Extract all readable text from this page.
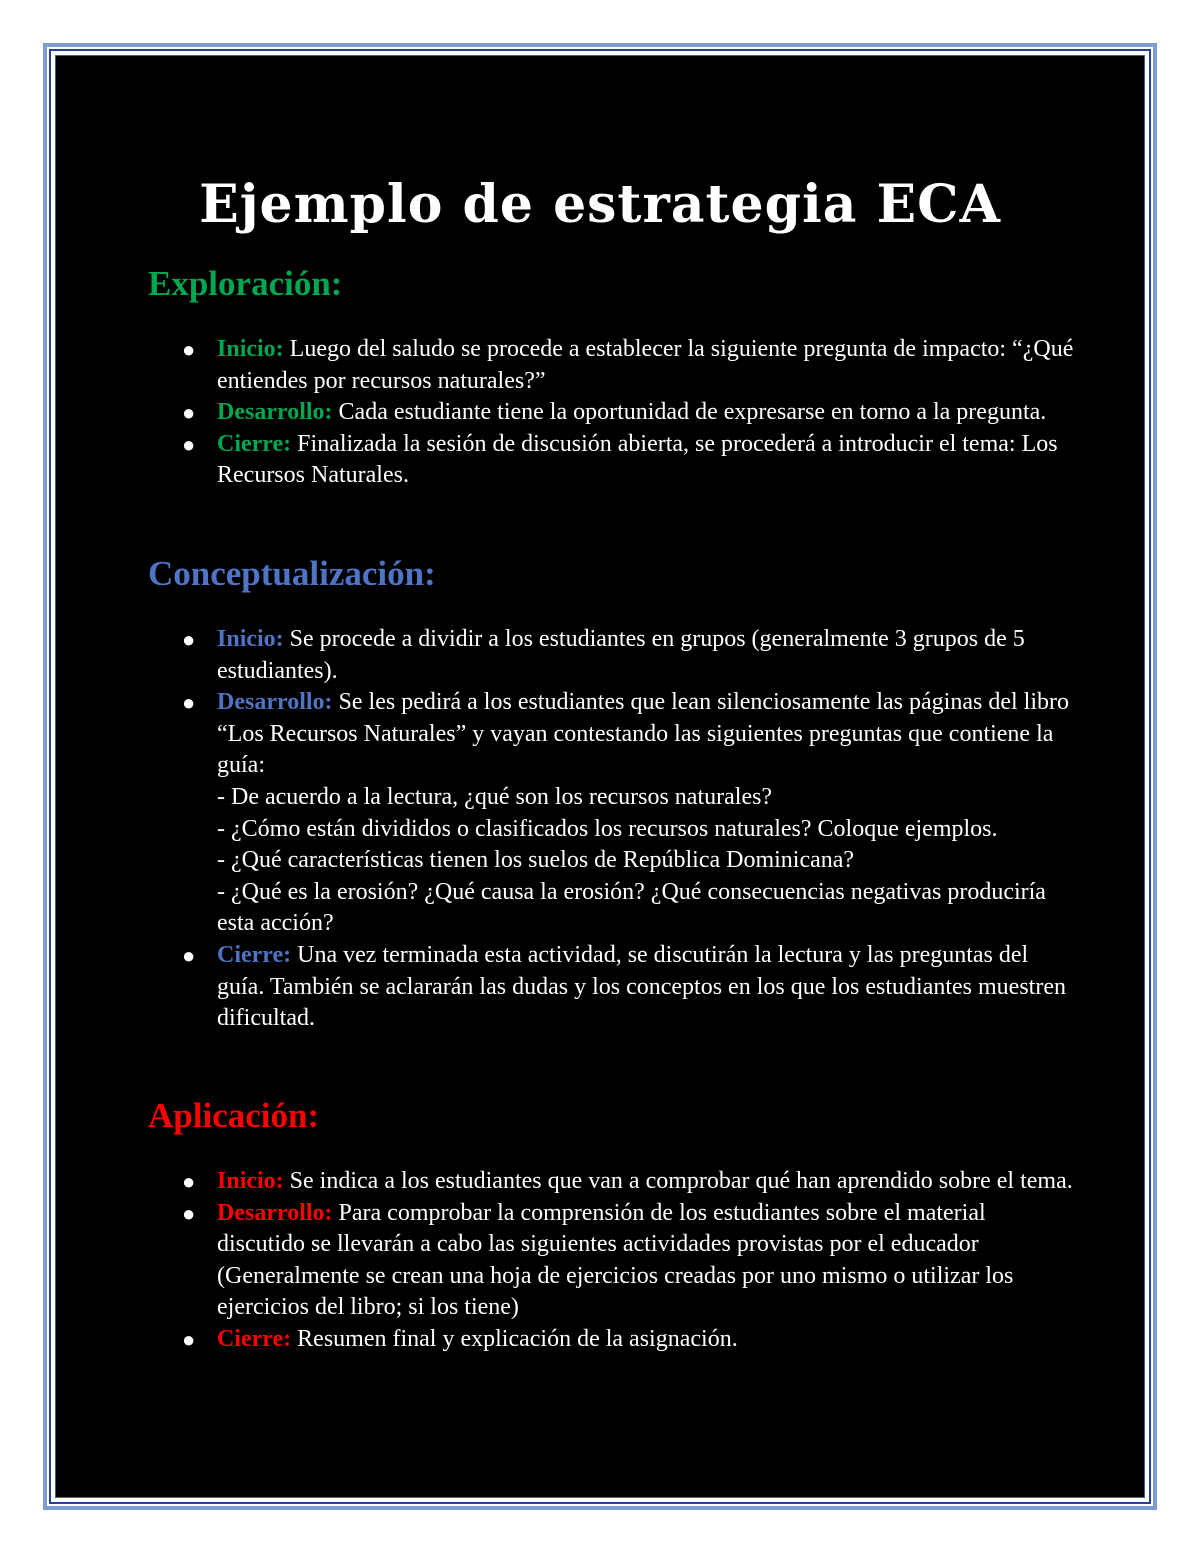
Ejemplo de estrategia ECA
Exploración:
● Inicio: Luego del saludo se procede a establecer la siguiente pregunta de impacto: “¿Qué entiendes por recursos naturales?”
● Desarrollo: Cada estudiante tiene la oportunidad de expresarse en torno a la pregunta.
● Cierre: Finalizada la sesión de discusión abierta, se procederá a introducir el tema: Los Recursos Naturales.
Conceptualización:
● Inicio: Se procede a dividir a los estudiantes en grupos (generalmente 3 grupos de 5 estudiantes).
● Desarrollo: Se les pedirá a los estudiantes que lean silenciosamente las páginas del libro “Los Recursos Naturales” y vayan contestando las siguientes preguntas que contiene la guía:
- De acuerdo a la lectura, ¿qué son los recursos naturales?
- ¿Cómo están divididos o clasificados los recursos naturales? Coloque ejemplos.
- ¿Qué características tienen los suelos de República Dominicana?
- ¿Qué es la erosión? ¿Qué causa la erosión? ¿Qué consecuencias negativas produciría esta acción?
● Cierre: Una vez terminada esta actividad, se discutirán la lectura y las preguntas del guía. También se aclararán las dudas y los conceptos en los que los estudiantes muestren dificultad.
Aplicación:
● Inicio: Se indica a los estudiantes que van a comprobar qué han aprendido sobre el tema.
● Desarrollo: Para comprobar la comprensión de los estudiantes sobre el material discutido se llevarán a cabo las siguientes actividades provistas por el educador (Generalmente se crean una hoja de ejercicios creadas por uno mismo o utilizar los ejercicios del libro; si los tiene)
● Cierre: Resumen final y explicación de la asignación.
